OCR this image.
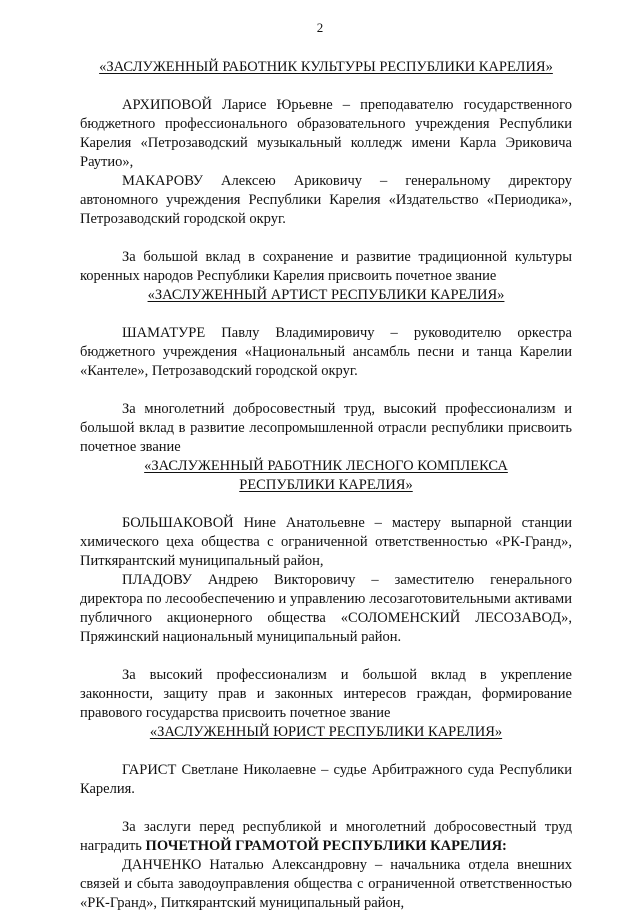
2
«ЗАСЛУЖЕННЫЙ РАБОТНИК КУЛЬТУРЫ РЕСПУБЛИКИ КАРЕЛИЯ»

АРХИПОВОЙ Ларисе Юрьевне – преподавателю государственного бюджетного профессионального образовательного учреждения Республики Карелия «Петрозаводский музыкальный колледж имени Карла Эриковича Раутио»,

МАКАРОВУ Алексею Ариковичу – генеральному директору автономного учреждения Республики Карелия «Издательство «Периодика», Петрозаводский городской округ.

За большой вклад в сохранение и развитие традиционной культуры коренных народов Республики Карелия присвоить почетное звание

«ЗАСЛУЖЕННЫЙ АРТИСТ РЕСПУБЛИКИ КАРЕЛИЯ»

ШАМАТУРЕ Павлу Владимировичу – руководителю оркестра бюджетного учреждения «Национальный ансамбль песни и танца Карелии «Кантеле», Петрозаводский городской округ.

За многолетний добросовестный труд, высокий профессионализм и большой вклад в развитие лесопромышленной отрасли республики присвоить почетное звание

«ЗАСЛУЖЕННЫЙ РАБОТНИК ЛЕСНОГО КОМПЛЕКСА
РЕСПУБЛИКИ КАРЕЛИЯ»

БОЛЬШАКОВОЙ Нине Анатольевне – мастеру выпарной станции химического цеха общества с ограниченной ответственностью «РК-Гранд», Питкярантский муниципальный район,

ПЛАДОВУ Андрею Викторовичу – заместителю генерального директора по лесообеспечению и управлению лесозаготовительными активами публичного акционерного общества «СОЛОМЕНСКИЙ ЛЕСОЗАВОД», Пряжинский национальный муниципальный район.

За высокий профессионализм и большой вклад в укрепление законности, защиту прав и законных интересов граждан, формирование правового государства присвоить почетное звание

«ЗАСЛУЖЕННЫЙ ЮРИСТ РЕСПУБЛИКИ КАРЕЛИЯ»

ГАРИСТ Светлане Николаевне – судье Арбитражного суда Республики Карелия.

За заслуги перед республикой и многолетний добросовестный труд наградить ПОЧЕТНОЙ ГРАМОТОЙ РЕСПУБЛИКИ КАРЕЛИЯ:

ДАНЧЕНКО Наталью Александровну – начальника отдела внешних связей и сбыта заводоуправления общества с ограниченной ответственностью «РК-Гранд», Питкярантский муниципальный район,
